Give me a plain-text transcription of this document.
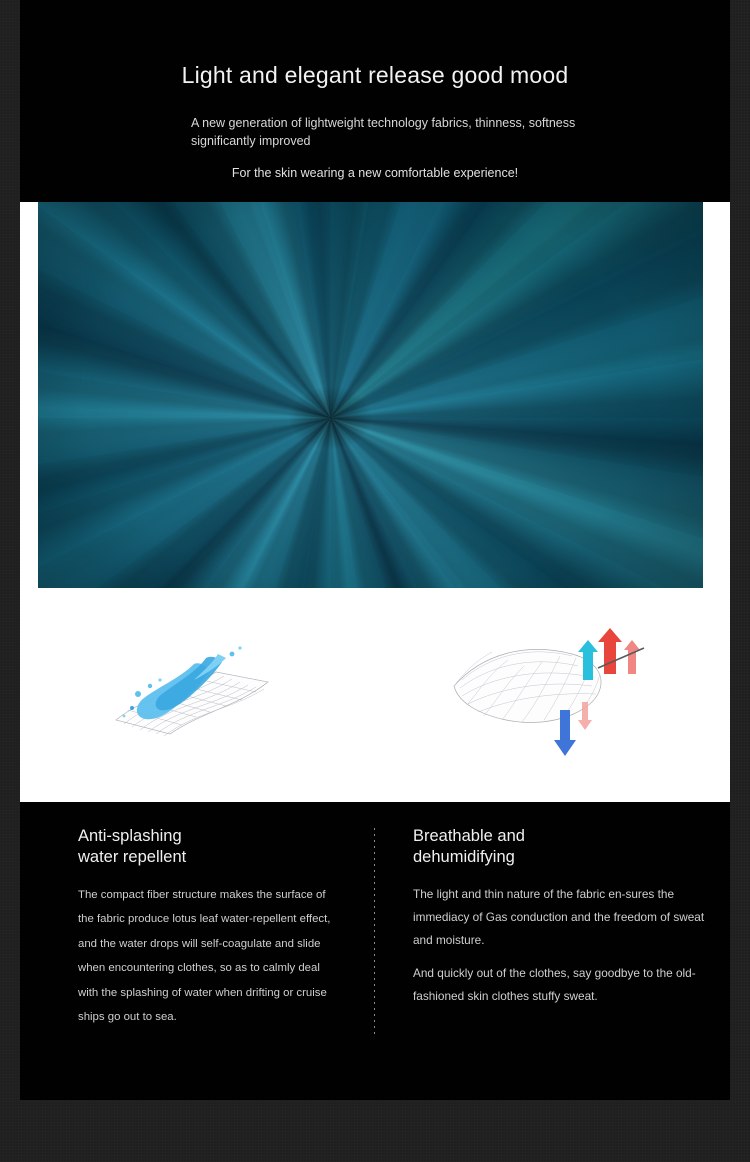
Light and elegant release good mood
A new generation of lightweight technology fabrics, thinness, softness significantly improved
For the skin wearing a new comfortable experience!
Anti-splashing
water repellent

The compact fiber structure makes the surface of the fabric produce lotus leaf water-repellent effect, and the water drops will self-coagulate and slide when encountering clothes, so as to calmly deal with the splashing of water when drifting or cruise ships go out to sea.

Breathable and
dehumidifying

The light and thin nature of the fabric en-sures the immediacy of Gas conduction and the freedom of sweat and moisture.

And quickly out of the clothes, say goodbye to the old-fashioned skin clothes stuffy sweat.
